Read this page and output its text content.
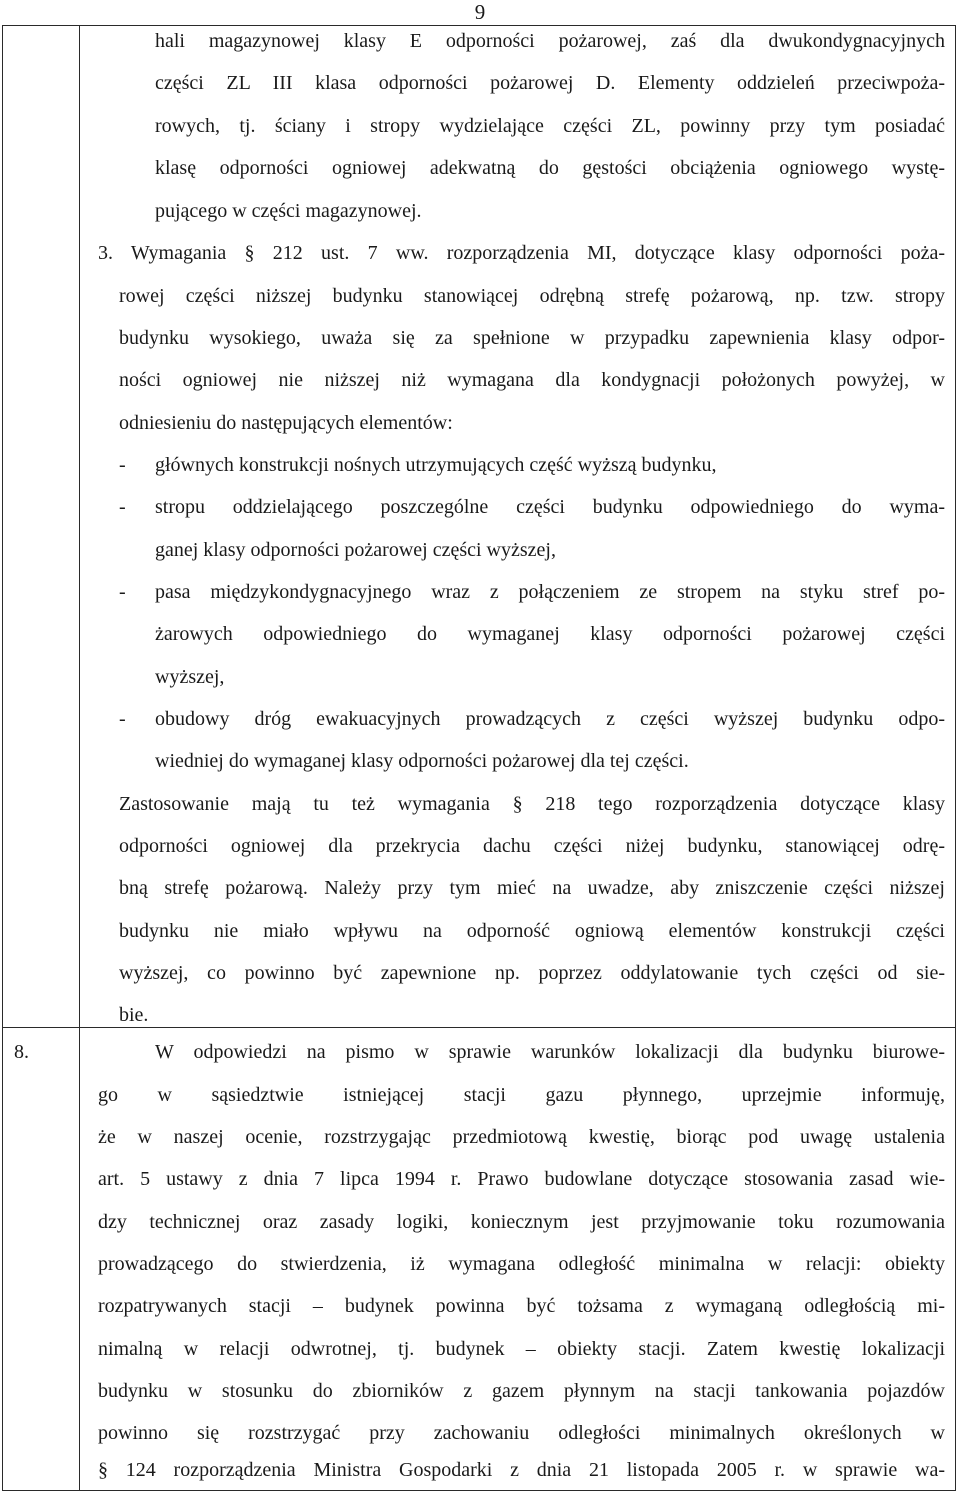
9
hali magazynowej klasy E odporności pożarowej, zaś dla dwukondygnacyjnych
części ZL III klasa odporności pożarowej D. Elementy oddzieleń przeciwpoża-
rowych, tj. ściany i stropy wydzielające części ZL, powinny przy tym posiadać
klasę odporności ogniowej adekwatną do gęstości obciążenia ogniowego wystę-
pującego w części magazynowej.
3. Wymagania § 212 ust. 7 ww. rozporządzenia MI, dotyczące klasy odporności poża-
rowej części niższej budynku stanowiącej odrębną strefę pożarową, np. tzw. stropy
budynku wysokiego, uważa się za spełnione w przypadku zapewnienia klasy odpor-
ności ogniowej nie niższej niż wymagana dla kondygnacji położonych powyżej, w
odniesieniu do następujących elementów:
- głównych konstrukcji nośnych utrzymujących część wyższą budynku,
- stropu oddzielającego poszczególne części budynku odpowiedniego do wyma-
ganej klasy odporności pożarowej części wyższej,
- pasa międzykondygnacyjnego wraz z połączeniem ze stropem na styku stref po-
żarowych odpowiedniego do wymaganej klasy odporności pożarowej części
wyższej,
- obudowy dróg ewakuacyjnych prowadzących z części wyższej budynku odpo-
wiedniej do wymaganej klasy odporności pożarowej dla tej części.
Zastosowanie mają tu też wymagania § 218 tego rozporządzenia dotyczące klasy
odporności ogniowej dla przekrycia dachu części niżej budynku, stanowiącej odrę-
bną strefę pożarową. Należy przy tym mieć na uwadze, aby zniszczenie części niższej
budynku nie miało wpływu na odporność ogniową elementów konstrukcji części
wyższej, co powinno być zapewnione np. poprzez oddylatowanie tych części od sie-
bie.
8.	W odpowiedzi na pismo w sprawie warunków lokalizacji dla budynku biurowe-
go w sąsiedztwie istniejącej stacji gazu płynnego, uprzejmie informuję,
że w naszej ocenie, rozstrzygając przedmiotową kwestię, biorąc pod uwagę ustalenia
art. 5 ustawy z dnia 7 lipca 1994 r. Prawo budowlane dotyczące stosowania zasad wie-
dzy technicznej oraz zasady logiki, koniecznym jest przyjmowanie toku rozumowania
prowadzącego do stwierdzenia, iż wymagana odległość minimalna w relacji: obiekty
rozpatrywanych stacji – budynek powinna być tożsama z wymaganą odległością mi-
nimalną w relacji odwrotnej, tj. budynek – obiekty stacji. Zatem kwestię lokalizacji
budynku w stosunku do zbiorników z gazem płynnym na stacji tankowania pojazdów
powinno się rozstrzygać przy zachowaniu odległości minimalnych określonych w
§ 124 rozporządzenia Ministra Gospodarki z dnia 21 listopada 2005 r. w sprawie wa-
